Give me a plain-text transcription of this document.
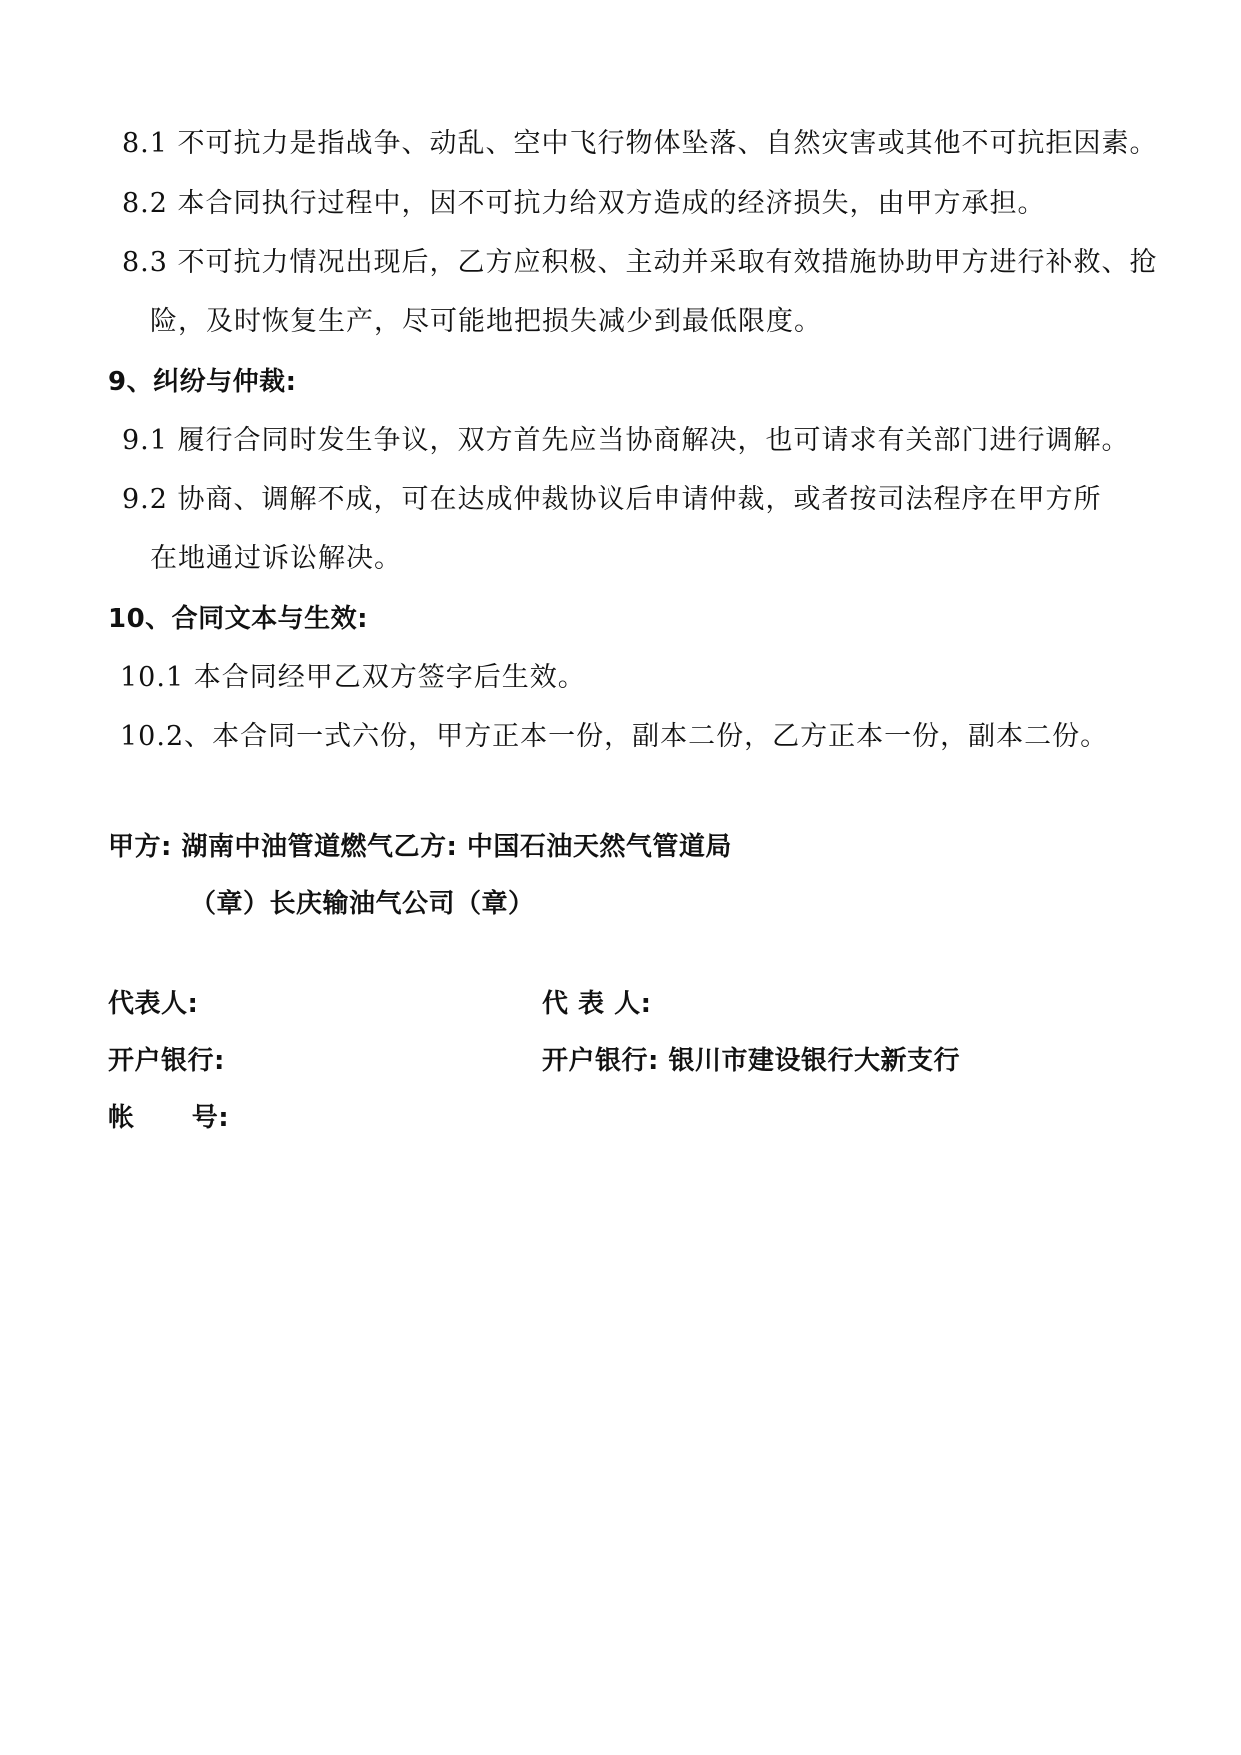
8.1 不可抗力是指战争、动乱、空中飞行物体坠落、自然灾害或其他不可抗拒因素。
8.2 本合同执行过程中，因不可抗力给双方造成的经济损失，由甲方承担。
8.3 不可抗力情况出现后，乙方应积极、主动并采取有效措施协助甲方进行补救、抢
险，及时恢复生产，尽可能地把损失减少到最低限度。
9、纠纷与仲裁:
9.1 履行合同时发生争议，双方首先应当协商解决，也可请求有关部门进行调解。
9.2 协商、调解不成，可在达成仲裁协议后申请仲裁，或者按司法程序在甲方所
在地通过诉讼解决。
10、合同文本与生效:
10.1 本合同经甲乙双方签字后生效。
10.2、本合同一式六份，甲方正本一份，副本二份，乙方正本一份，副本二份。
甲方: 湖南中油管道燃气乙方: 中国石油天然气管道局
（章）长庆输油气公司（章）
代表人:	代 表 人:
开户银行:	开户银行: 银川市建设银行大新支行
帐      号:
